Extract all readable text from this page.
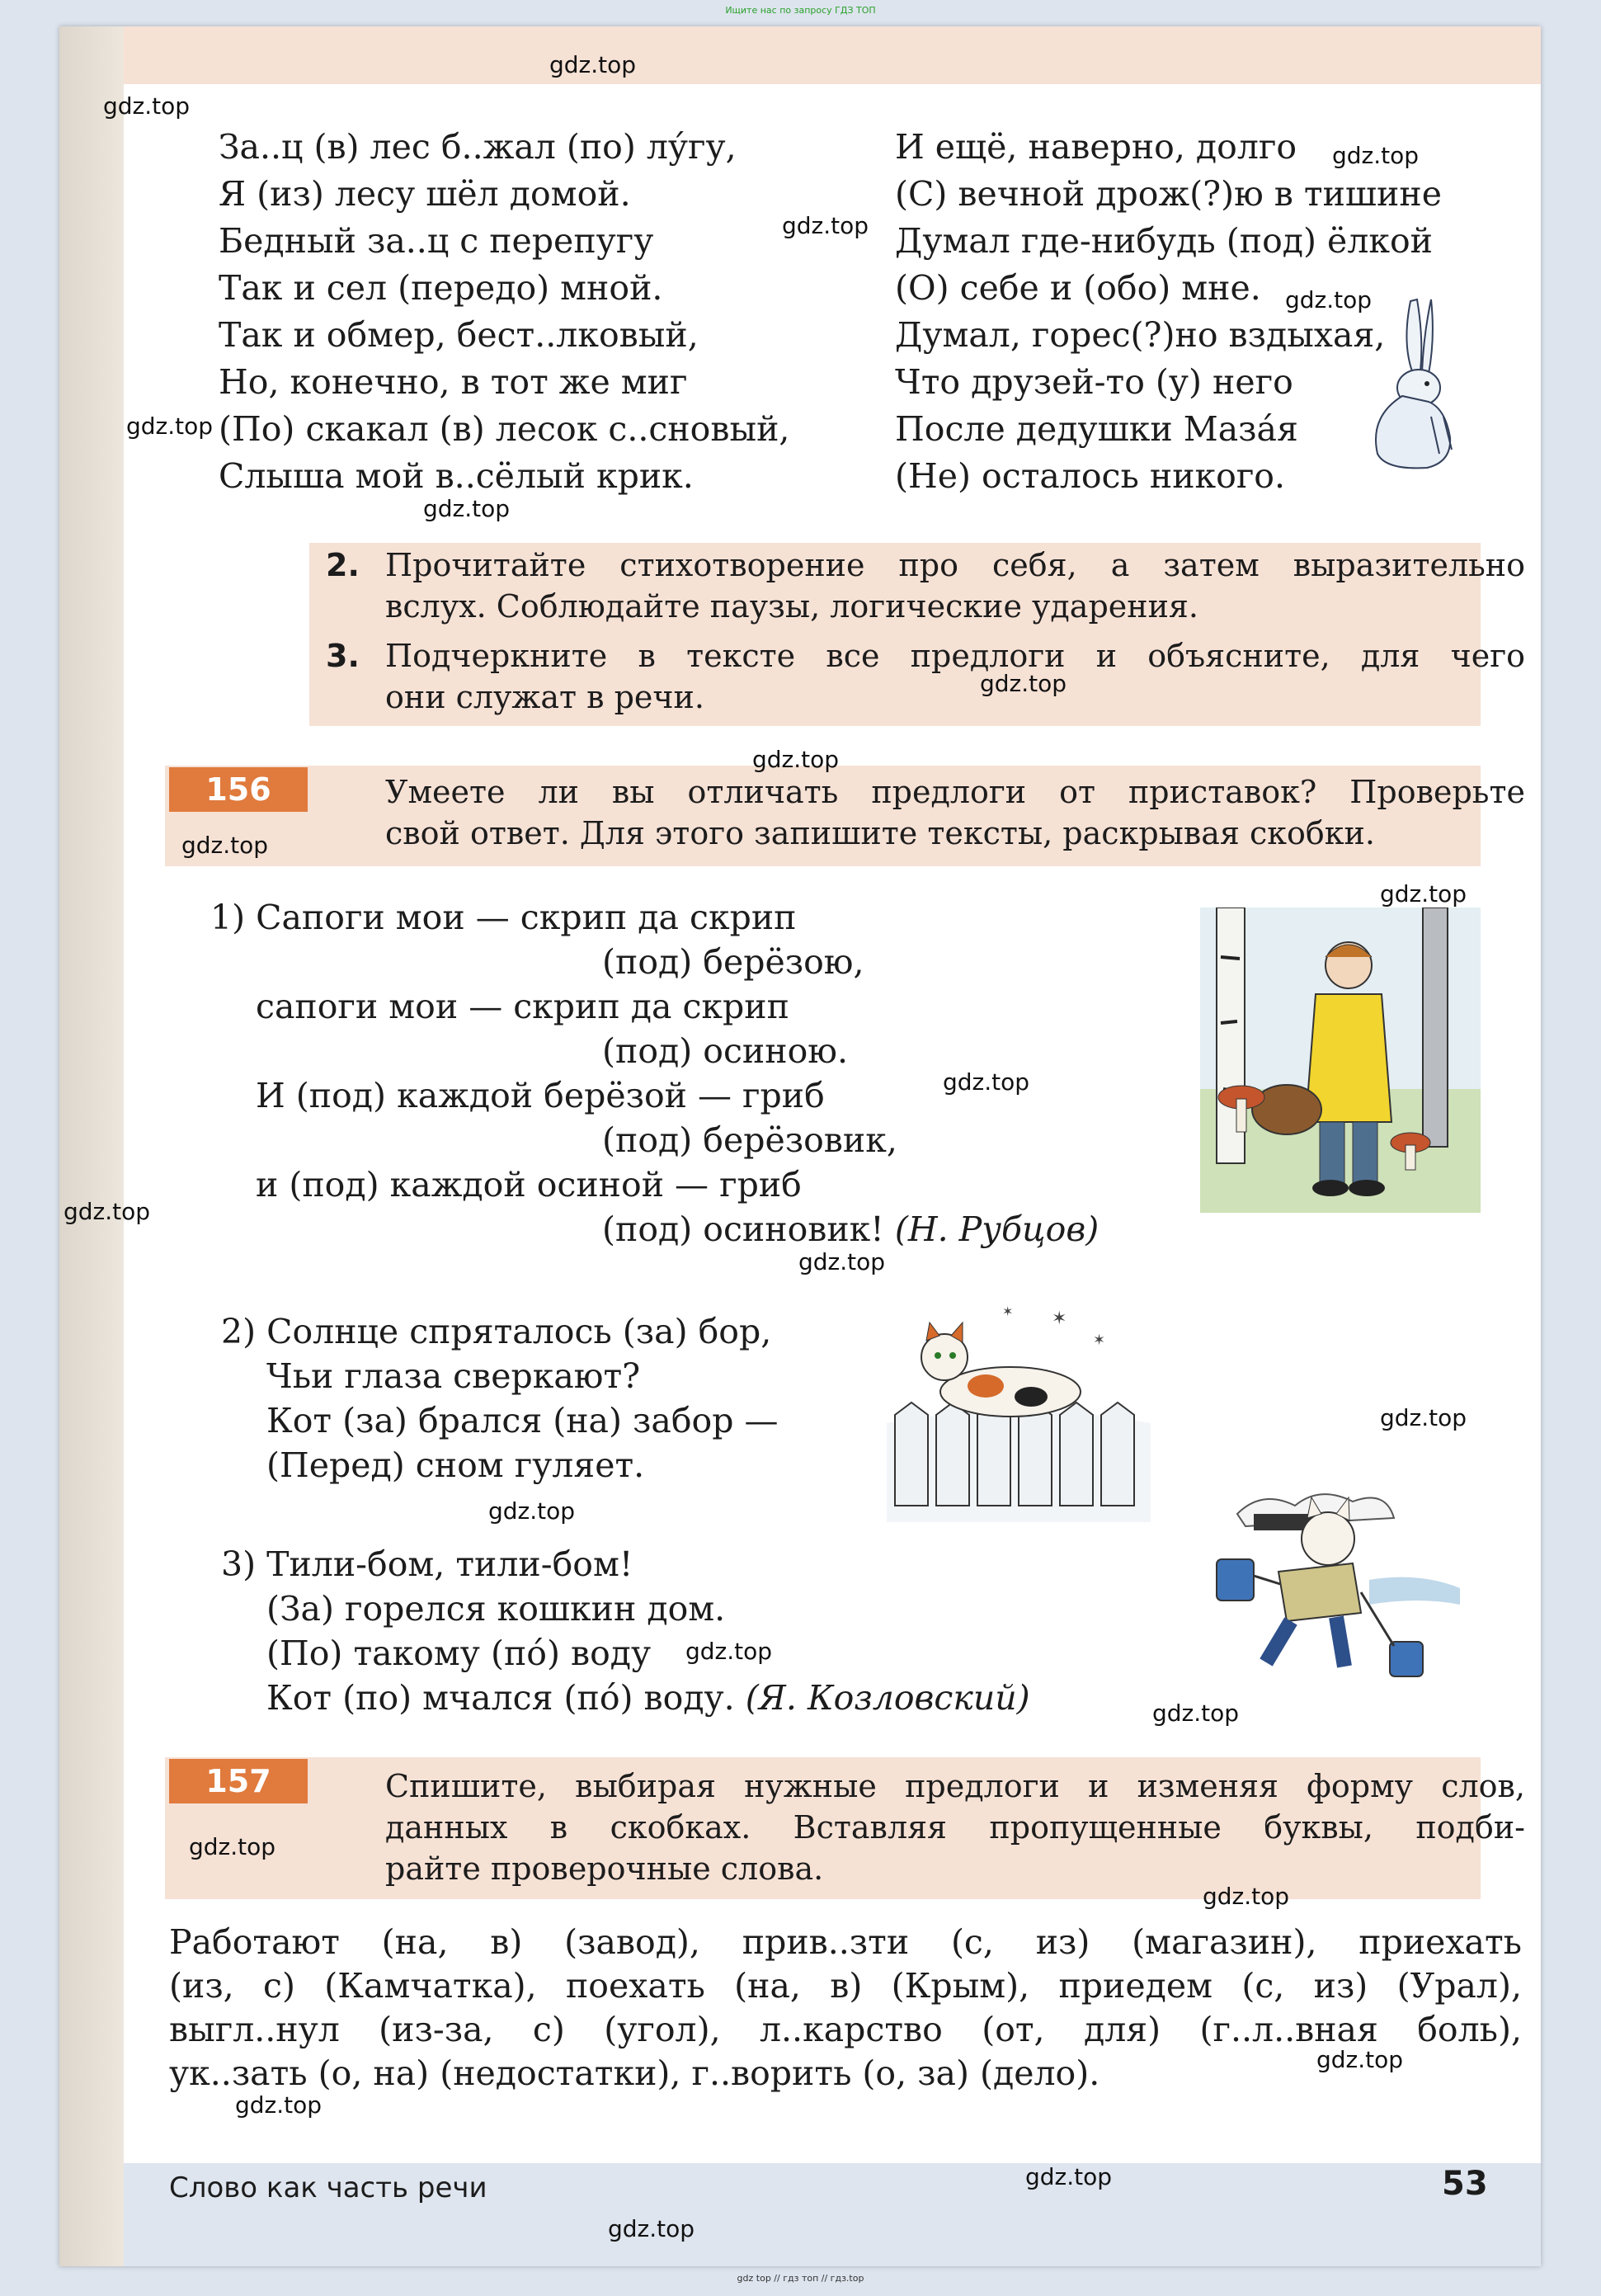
Ищите нас по запросу ГДЗ ТОП
За..ц (в) лес б..жал (по) лу́гу,
Я (из) лесу шёл домой.
Бедный за..ц с перепугу
Так и сел (передо) мной.
Так и обмер, бест..лковый,
Но, конечно, в тот же миг
(По) скакал (в) лесок с..сновый,
Слыша мой в..сёлый крик.
И ещё, наверно, долго
(С) вечной дрож(?)ю в тишине
Думал где-нибудь (под) ёлкой
(О) себе и (обо) мне.
Думал, горес(?)но вздыхая,
Что друзей-то (у) него
После дедушки Маза́я
(Не) осталось никого.
2. Прочитайте стихотворение про себя, а затем выразительно
вслух. Соблюдайте паузы, логические ударения.
3. Подчеркните в тексте все предлоги и объясните, для чего
они служат в речи.
156	Умеете ли вы отличать предлоги от приставок? Проверьте
свой ответ. Для этого запишите тексты, раскрывая скобки.
1) Сапоги мои — скрип да скрип
(под) берёзою,
сапоги мои — скрип да скрип
(под) осиною.
И (под) каждой берёзой — гриб
(под) берёзовик,
и (под) каждой осиной — гриб
(под) осиновик! (Н. Рубцов)
2) Солнце спряталось (за) бор,
Чьи глаза сверкают?
Кот (за) брался (на) забор —
(Перед) сном гуляет.
✶
✶
✶
3) Тили-бом, тили-бом!
(За) горелся кошкин дом.
(По) такому (пó) воду
Кот (по) мчался (пó) воду. (Я. Козловский)
157	Спишите, выбирая нужные предлоги и изменяя форму слов,
данных в скобках. Вставляя пропущенные буквы, подби-
райте проверочные слова.
Работают (на, в) (завод), прив..зти (с, из) (магазин), приехать
(из, с) (Камчатка), поехать (на, в) (Крым), приедем (с, из) (Урал),
выгл..нул (из-за, с) (угол), л..карство (от, для) (г..л..вная боль),
ук..зать (о, на) (недостатки), г..ворить (о, за) (дело).
Слово как часть речи	53
gdz.top
gdz.top
gdz.top
gdz.top
gdz.top
gdz.top
gdz.top
gdz.top
gdz.top
gdz.top
gdz.top
gdz.top
gdz.top
gdz.top
gdz.top
gdz.top
gdz.top
gdz.top
gdz.top
gdz.top
gdz.top
gdz.top
gdz.top
gdz.top
gdz top // гдз топ // гдз.top
